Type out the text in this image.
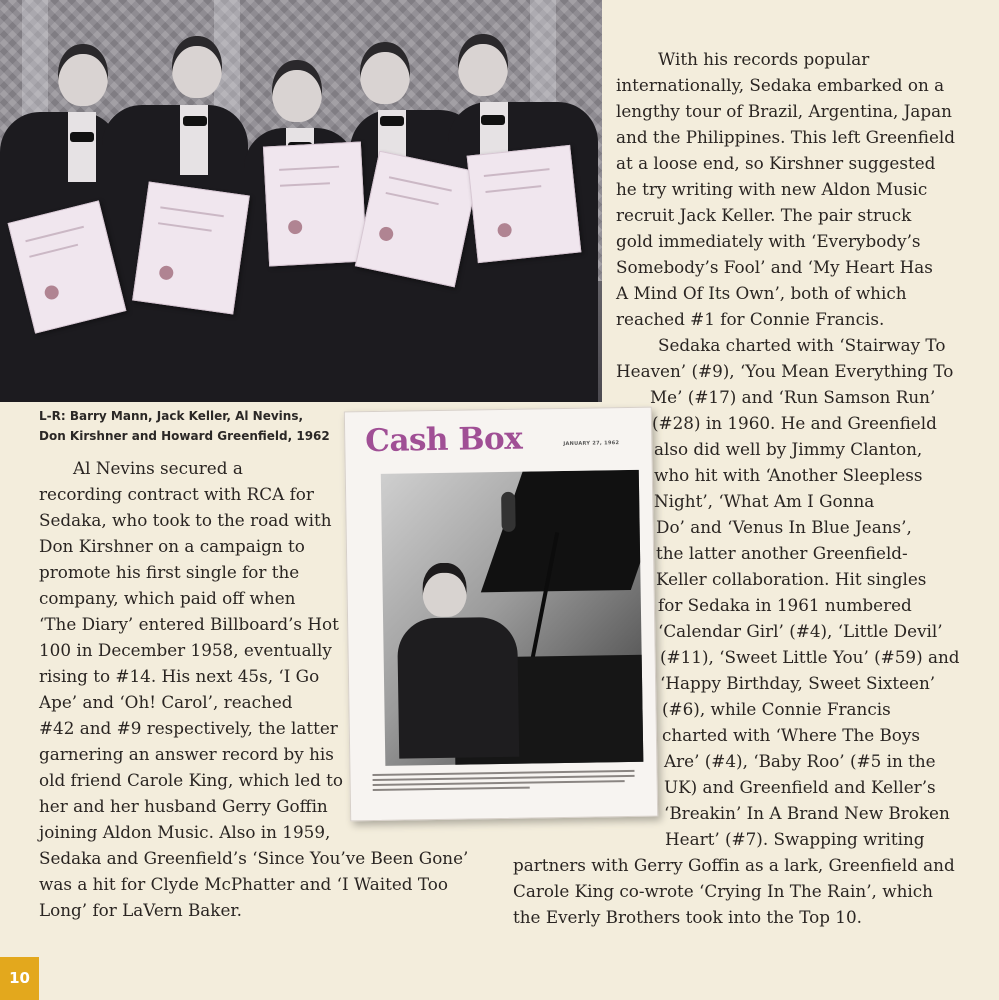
L-R: Barry Mann, Jack Keller, Al Nevins,
Don Kirshner and Howard Greenfield, 1962	Cash Box	JANUARY 27, 1962
Al Nevins secured a
recording contract with RCA for
Sedaka, who took to the road with
Don Kirshner on a campaign to
promote his first single for the
company, which paid off when
‘The Diary’ entered Billboard’s Hot
100 in December 1958, eventually
rising to #14. His next 45s, ‘I Go
Ape’ and ‘Oh! Carol’, reached
#42 and #9 respectively, the latter
garnering an answer record by his
old friend Carole King, which led to
her and her husband Gerry Goffin
joining Aldon Music. Also in 1959,
Sedaka and Greenfield’s ‘Since You’ve Been Gone’
was a hit for Clyde McPhatter and ‘I Waited Too
Long’ for LaVern Baker.
With his records popular
internationally, Sedaka embarked on a
lengthy tour of Brazil, Argentina, Japan
and the Philippines. This left Greenfield
at a loose end, so Kirshner suggested
he try writing with new Aldon Music
recruit Jack Keller. The pair struck
gold immediately with ‘Everybody’s
Somebody’s Fool’ and ‘My Heart Has
A Mind Of Its Own’, both of which
reached #1 for Connie Francis.
Sedaka charted with ‘Stairway To
Heaven’ (#9), ‘You Mean Everything To
Me’ (#17) and ‘Run Samson Run’
(#28) in 1960. He and Greenfield
also did well by Jimmy Clanton,
who hit with ‘Another Sleepless
Night’, ‘What Am I Gonna
Do’ and ‘Venus In Blue Jeans’,
the latter another Greenfield-
Keller collaboration. Hit singles
for Sedaka in 1961 numbered
‘Calendar Girl’ (#4), ‘Little Devil’
(#11), ‘Sweet Little You’ (#59) and
‘Happy Birthday, Sweet Sixteen’
(#6), while Connie Francis
charted with ‘Where The Boys
Are’ (#4), ‘Baby Roo’ (#5 in the
UK) and Greenfield and Keller’s
‘Breakin’ In A Brand New Broken
Heart’ (#7). Swapping writing
partners with Gerry Goffin as a lark, Greenfield and
Carole King co-wrote ‘Crying In The Rain’, which
the Everly Brothers took into the Top 10.
10
